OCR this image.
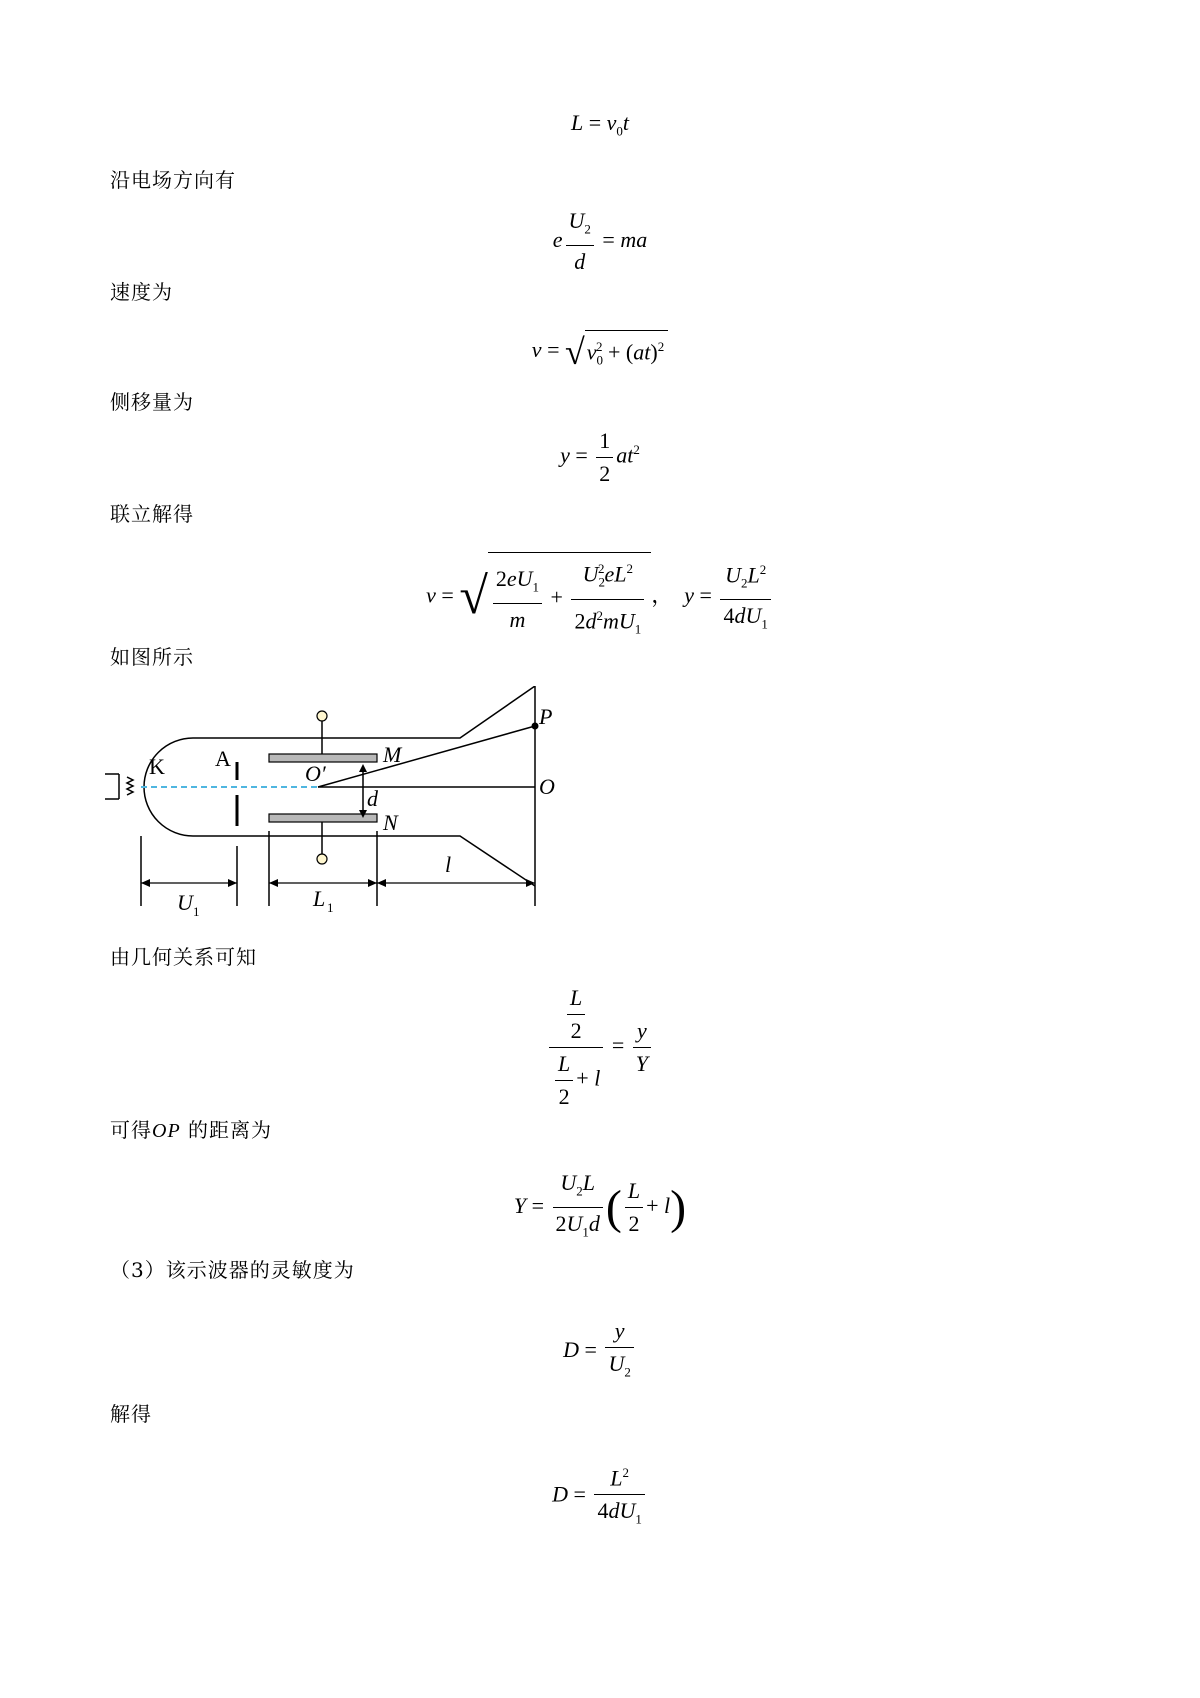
$L = v_0t$
沿电场方向有
e $\frac{U_2}{d}$ = ma
速度为
$v = √v_0^2 + (at)^2$
侧移量为
$y = \frac{1}{2} at^2$
联立解得
v = √ $\frac{2eU_1}{m} + \frac{U_2^2eL^2}{2d^2mU_1}$ ，  $y = \frac{U_2L^2}{4dU_1}$
如图所示
K A	M
N
O′
d	O
P
U 1
L 1
l
由几何关系可知
$\frac{\frac{L}{2}}{\frac{L}{2} + l} = \frac{y}{Y}$
可得OP 的距离为
$Y = \frac{U_2L}{2U_1d}$ ( $\frac{L}{2} + l$)
（3）该示波器的灵敏度为
$D = \frac{y}{U_2}$
解得
$D = \frac{L^2}{4dU_1}$
